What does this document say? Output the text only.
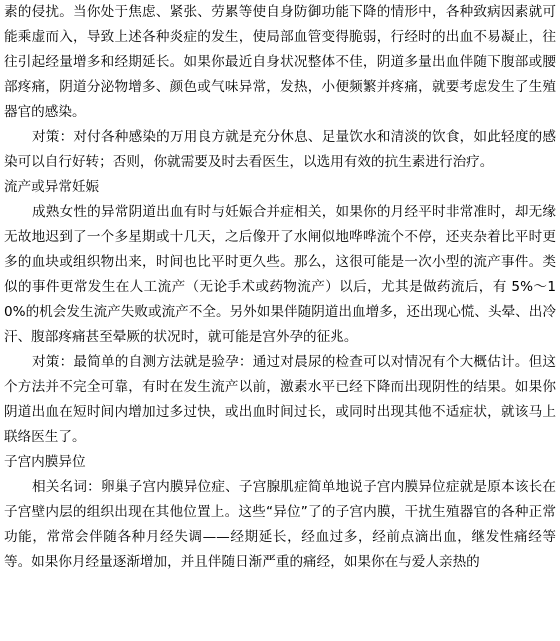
素的侵扰。当你处于焦虑、紧张、劳累等使自身防御功能下降的情形中，各种致病因素就可能乘虚而入，导致上述各种炎症的发生，使局部血管变得脆弱，行经时的出血不易凝止，往往引起经量增多和经期延长。如果你最近自身状况整体不佳，阴道多量出血伴随下腹部或腰部疼痛，阴道分泌物增多、颜色或气味异常，发热，小便频繁并疼痛，就要考虑发生了生殖器官的感染。

对策：对付各种感染的万用良方就是充分休息、足量饮水和清淡的饮食，如此轻度的感染可以自行好转；否则，你就需要及时去看医生，以选用有效的抗生素进行治疗。

流产或异常妊娠

成熟女性的异常阴道出血有时与妊娠合并症相关，如果你的月经平时非常准时，却无缘无故地迟到了一个多星期或十几天，之后像开了水闸似地哗哗流个不停，还夹杂着比平时更多的血块或组织物出来，时间也比平时更久些。那么，这很可能是一次小型的流产事件。类似的事件更常发生在人工流产（无论手术或药物流产）以后，尤其是做药流后，有 5%～10%的机会发生流产失败或流产不全。另外如果伴随阴道出血增多，还出现心慌、头晕、出冷汗、腹部疼痛甚至晕厥的状况时，就可能是宫外孕的征兆。

对策：最简单的自测方法就是验孕：通过对晨尿的检查可以对情况有个大概估计。但这个方法并不完全可靠，有时在发生流产以前，激素水平已经下降而出现阴性的结果。如果你阴道出血在短时间内增加过多过快，或出血时间过长，或同时出现其他不适症状，就该马上联络医生了。

子宫内膜异位

相关名词：卵巢子宫内膜异位症、子宫腺肌症简单地说子宫内膜异位症就是原本该长在子宫壁内层的组织出现在其他位置上。这些“异位”了的子宫内膜，干扰生殖器官的各种正常功能，常常会伴随各种月经失调——经期延长，经血过多，经前点滴出血，继发性痛经等等。如果你月经量逐渐增加，并且伴随日渐严重的痛经，如果你在与爱人亲热的
